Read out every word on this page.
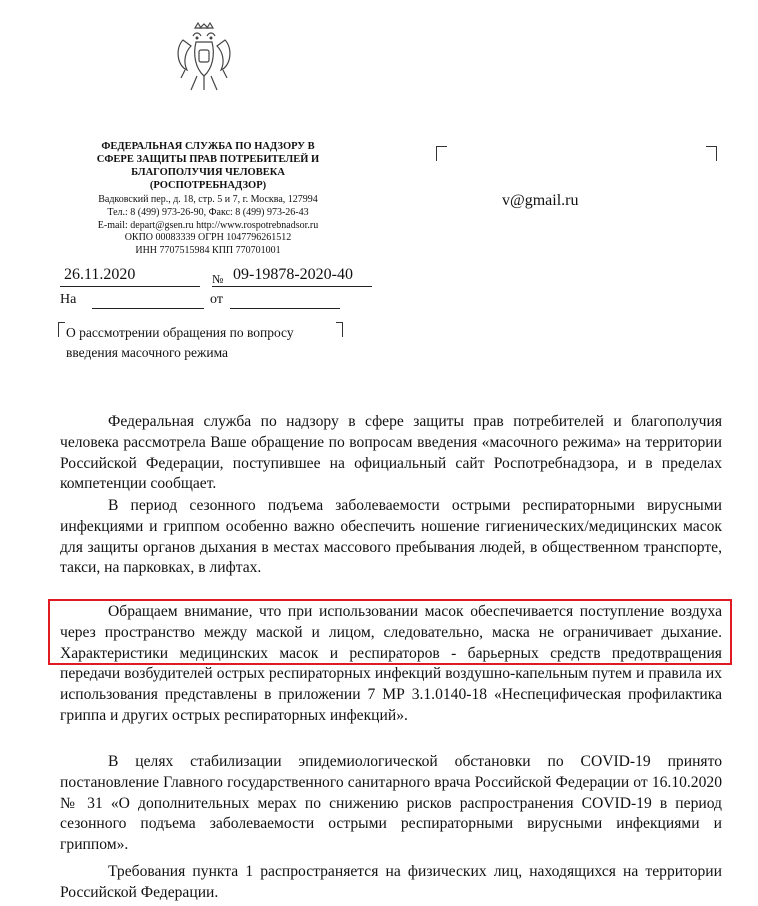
ФЕДЕРАЛЬНАЯ СЛУЖБА ПО НАДЗОРУ В
СФЕРЕ ЗАЩИТЫ ПРАВ ПОТРЕБИТЕЛЕЙ И
БЛАГОПОЛУЧИЯ ЧЕЛОВЕКА
(РОСПОТРЕБНАДЗОР)
Вадковский пер., д. 18, стр. 5 и 7, г. Москва, 127994
Тел.: 8 (499) 973-26-90, Факс: 8 (499) 973-26-43
E-mail: depart@gsen.ru http://www.rospotrebnadsor.ru
ОКПО 00083339 ОГРН 1047796261512
ИНН 7707515984 КПП 770701001
v@gmail.ru
26.11.2020	№ 09-19878-2020-40
На	от
О рассмотрении обращения по вопросу
введения масочного режима

Федеральная служба по надзору в сфере защиты прав потребителей и благополучия человека рассмотрела Ваше обращение по вопросам введения «масочного режима» на территории Российской Федерации, поступившее на официальный сайт Роспотребнадзора, и в пределах компетенции сообщает.

В период сезонного подъема заболеваемости острыми респираторными вирусными инфекциями и гриппом особенно важно обеспечить ношение гигиенических/медицинских масок для защиты органов дыхания в местах массового пребывания людей, в общественном транспорте, такси, на парковках, в лифтах.

Обращаем внимание, что при использовании масок обеспечивается поступление воздуха через пространство между маской и лицом, следовательно, маска не ограничивает дыхание. Характеристики медицинских масок и респираторов - барьерных средств предотвращения передачи возбудителей острых респираторных инфекций воздушно-капельным путем и правила их использования представлены в приложении 7 МР 3.1.0140-18 «Неспецифическая профилактика гриппа и других острых респираторных инфекций».

В целях стабилизации эпидемиологической обстановки по COVID-19 принято постановление Главного государственного санитарного врача Российской Федерации от 16.10.2020 № 31 «О дополнительных мерах по снижению рисков распространения COVID-19 в период сезонного подъема заболеваемости острыми респираторными вирусными инфекциями и гриппом».

Требования пункта 1 распространяется на физических лиц, находящихся на территории Российской Федерации.
